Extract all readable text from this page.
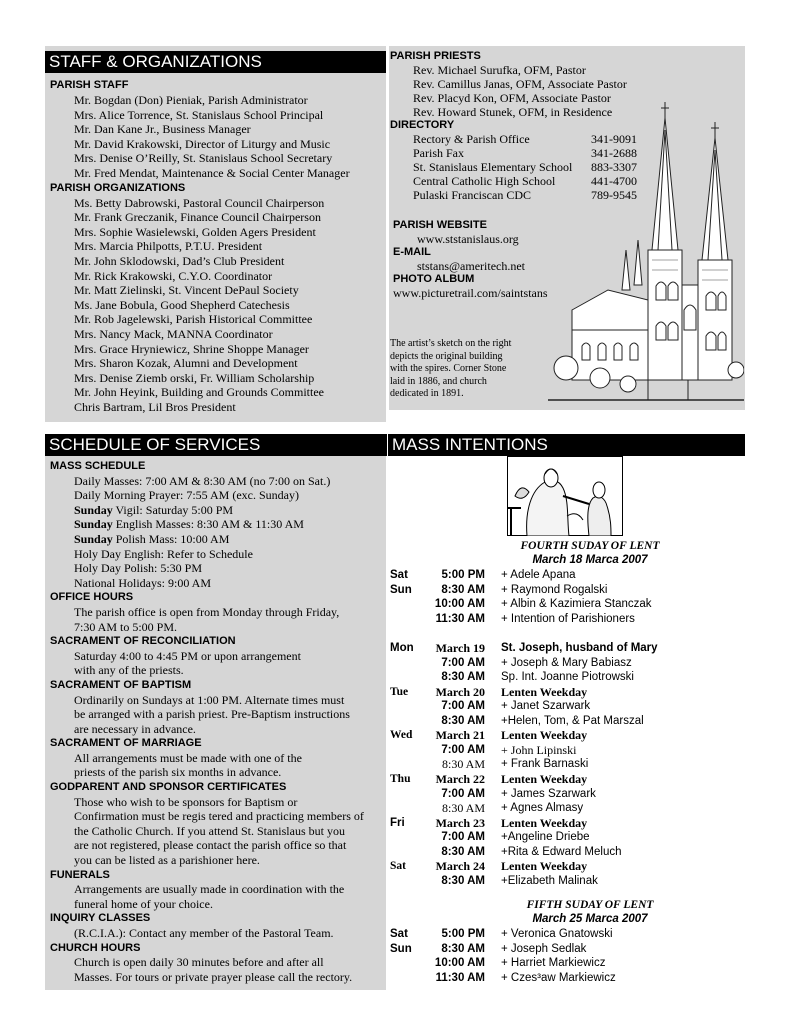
STAFF & ORGANIZATIONS
PARISH STAFF
Mr. Bogdan (Don) Pieniak, Parish Administrator
Mrs. Alice Torrence, St. Stanislaus School Principal
Mr. Dan Kane Jr., Business Manager
Mr. David Krakowski, Director of Liturgy and Music
Mrs. Denise O’Reilly, St. Stanislaus School Secretary
Mr. Fred Mendat, Maintenance & Social Center Manager
PARISH ORGANIZATIONS
Ms. Betty Dabrowski, Pastoral Council Chairperson
Mr. Frank Greczanik, Finance Council Chairperson
Mrs. Sophie Wasielewski, Golden Agers President
Mrs. Marcia Philpotts, P.T.U. President
Mr. John Sklodowski, Dad’s Club President
Mr. Rick Krakowski, C.Y.O. Coordinator
Mr. Matt Zielinski, St. Vincent DePaul Society
Ms. Jane Bobula, Good Shepherd Catechesis
Mr. Rob Jagelewski, Parish Historical Committee
Mrs. Nancy Mack, MANNA Coordinator
Mrs. Grace Hryniewicz, Shrine Shoppe Manager
Mrs. Sharon Kozak, Alumni and Development
Mrs. Denise Ziemb orski, Fr. William Scholarship
Mr. John Heyink, Building and Grounds Committee
Chris Bartram, Lil Bros President
PARISH PRIESTS
Rev. Michael Surufka, OFM, Pastor
Rev. Camillus Janas, OFM, Associate Pastor
Rev. Placyd Kon, OFM, Associate Pastor
Rev. Howard Stunek, OFM, in Residence
DIRECTORY
Rectory & Parish Office	341-9091
Parish Fax	341-2688
St. Stanislaus Elementary School	883-3307
Central Catholic High School	441-4700
Pulaski Franciscan CDC	789-9545
PARISH WEBSITE
www.ststanislaus.org
E-MAIL
ststans@ameritech.net
PHOTO ALBUM
www.picturetrail.com/saintstans
The artist’s sketch on the right
depicts the original building
with the spires. Corner Stone
laid in 1886, and church
dedicated in 1891.
SCHEDULE OF SERVICES	MASS INTENTIONS
MASS SCHEDULE
Daily Masses: 7:00 AM & 8:30 AM (no 7:00 on Sat.)
Daily Morning Prayer: 7:55 AM (exc. Sunday)
Sunday Vigil: Saturday 5:00 PM
Sunday English Masses: 8:30 AM & 11:30 AM
Sunday Polish Mass: 10:00 AM
Holy Day English: Refer to Schedule
Holy Day Polish: 5:30 PM
National Holidays: 9:00 AM
OFFICE HOURS
The parish office is open from Monday through Friday,
7:30 AM to 5:00 PM.
SACRAMENT OF RECONCILIATION
Saturday 4:00 to 4:45 PM or upon arrangement
with any of the priests.
SACRAMENT OF BAPTISM
Ordinarily on Sundays at 1:00 PM. Alternate times must
be arranged with a parish priest. Pre-Baptism instructions
are necessary in advance.
SACRAMENT OF MARRIAGE
All arrangements must be made with one of the
priests of the parish six months in advance.
GODPARENT AND SPONSOR CERTIFICATES
Those who wish to be sponsors for Baptism or
Confirmation must be regis tered and practicing members of
the Catholic Church. If you attend St. Stanislaus but you
are not registered, please contact the parish office so that
you can be listed as a parishioner here.
FUNERALS
Arrangements are usually made in coordination with the
funeral home of your choice.
INQUIRY CLASSES
(R.C.I.A.): Contact any member of the Pastoral Team.
CHURCH HOURS
Church is open daily 30 minutes before and after all
Masses. For tours or private prayer please call the rectory.
FOURTH SUDAY OF LENT
March 18 Marca 2007
Sat	5:00 PM + Adele Apana
Sun	8:30 AM + Raymond Rogalski
10:00 AM + Albin & Kazimiera Stanczak
11:30 AM + Intention of Parishioners
Mon	March 19 St. Joseph, husband of Mary
7:00 AM + Joseph & Mary Babiasz
8:30 AM Sp. Int. Joanne Piotrowski
Tue	March 20 Lenten Weekday
7:00 AM + Janet Szarwark
8:30 AM +Helen, Tom, & Pat Marszal
Wed	March 21 Lenten Weekday
7:00 AM + John Lipinski
8:30 AM + Frank Barnaski
Thu	March 22 Lenten Weekday
7:00 AM + James Szarwark
8:30 AM + Agnes Almasy
Fri	March 23 Lenten Weekday
7:00 AM +Angeline Driebe
8:30 AM +Rita & Edward Meluch
Sat	March 24 Lenten Weekday
8:30 AM +Elizabeth Malinak
FIFTH SUDAY OF LENT
March 25 Marca 2007
Sat	5:00 PM + Veronica Gnatowski
Sun	8:30 AM + Joseph Sedlak
10:00 AM + Harriet Markiewicz
11:30 AM + Czes³aw Markiewicz
